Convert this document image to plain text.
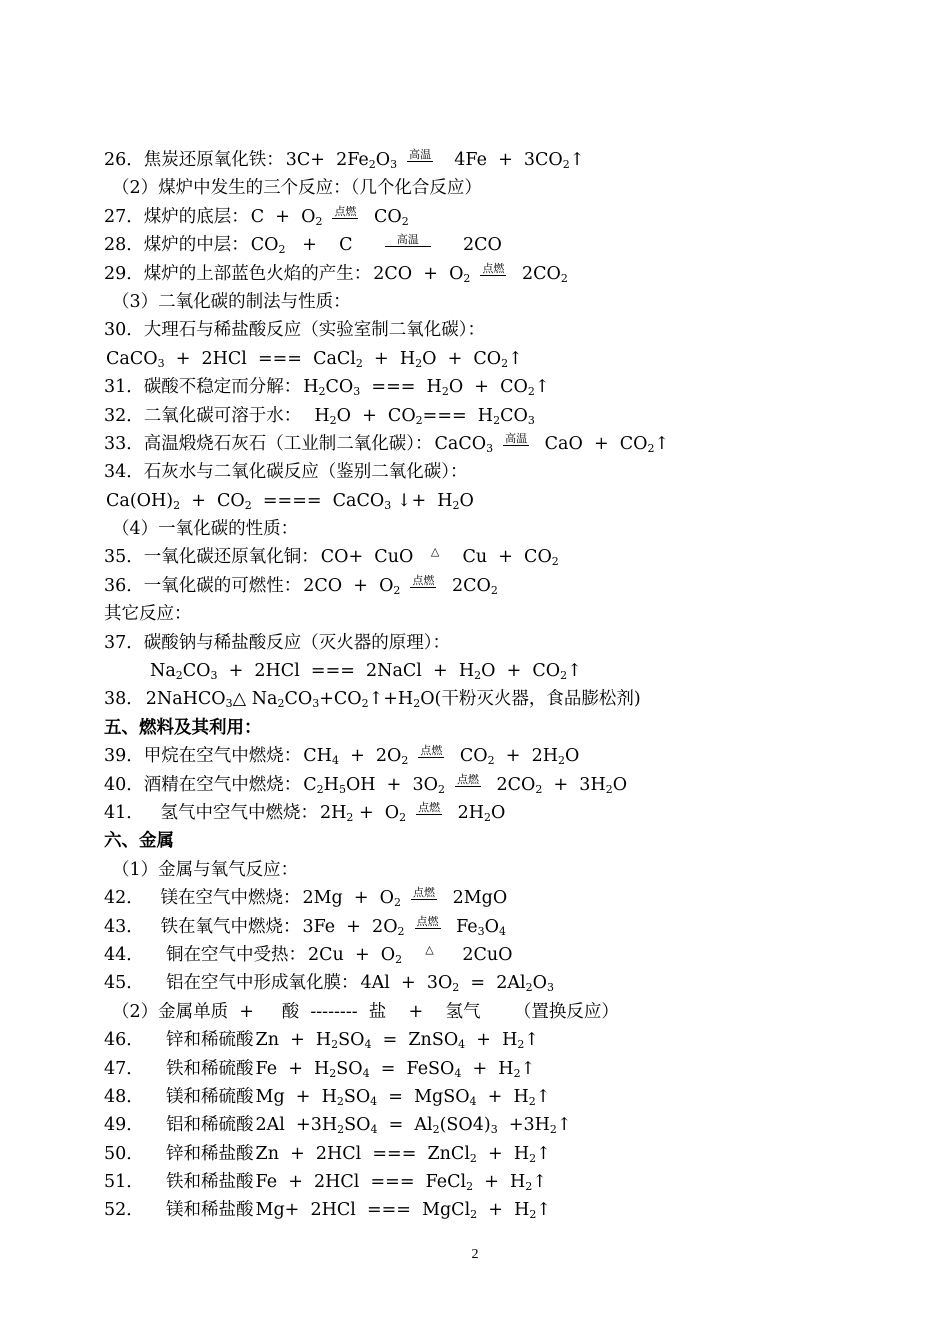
26．焦炭还原氧化铁： $3C+ 2Fe_2O_3$高温  $4Fe + 3CO_2↑$
（2）煤炉中发生的三个反应：（几个化合反应）
27．煤炉的底层： $C + O_2$点燃 $CO_2$
28．煤炉的中层： $CO_2$   +    C    高温    2CO
29．煤炉的上部蓝色火焰的产生： $2CO + O_2$点燃 $2CO_2$
（3）二氧化碳的制法与性质：
30．大理石与稀盐酸反应（实验室制二氧化碳）：
CaCO$_3$  +  2HCl  ===  CaCl$_2$  +  $H_2O$  +  $CO_2↑$
31．碳酸不稳定而分解： $H_2CO_3$  ===  $H_2O$  +  $CO_2↑$
32．二氧化碳可溶于水：  $H_2O + CO_2=== H_2CO_3$
33．高温煅烧石灰石（工业制二氧化碳）： CaCO$_3$高温 CaO  +  $CO_2↑$
34．石灰水与二氧化碳反应（鉴别二氧化碳）：
$Ca(OH)_2 + CO_2$  ====  CaCO$_3$ ↓+  $H_2O$
（4）一氧化碳的性质：
35．一氧化碳还原氧化铜： CO+  CuO △  $Cu + CO_2$
36．一氧化碳的可燃性： $2CO + O_2$点燃 $2CO_2$
其它反应：
37．碳酸钠与稀盐酸反应（灭火器的原理）：
$Na_2CO_3 + 2HCl$  ===  2NaCl  +  $H_2O$  +  $CO_2↑$
38． 2NaHCO$_3$△ $Na_2CO_3+CO_2↑+H_2O$(干粉灭火器，食品膨松剂)
五、燃料及其利用：
39．甲烷在空气中燃烧： $CH_4 + 2O_2$点燃 $CO_2 + 2H_2O$
40．酒精在空气中燃烧： $C_2H_5OH + 3O_2$点燃 $2CO_2 + 3H_2O$
41．   氢气中空气中燃烧： $2H_2 + O_2$点燃 $2H_2O$
六、金属
（1）金属与氧气反应：
42．   镁在空气中燃烧： $2Mg + O_2$点燃 2MgO
43．   铁在氧气中燃烧： $3Fe + 2O_2$点燃 $Fe_3O_4$
44．    铜在空气中受热： $2Cu + O_2$  △   2CuO
45．    铝在空气中形成氧化膜： $4Al + 3O_2 = 2Al_2O_3$
（2）金属单质  +     酸  --------  盐    +    氢气      （置换反应）
46．    锌和稀硫酸 $Zn + H_2SO_4$  =  ZnSO$_4$  +  $H_2↑$
47．    铁和稀硫酸 $Fe + H_2SO_4$  =  FeSO$_4$  +  $H_2↑$
48．    镁和稀硫酸 $Mg + H_2SO_4$  =  MgSO$_4$  +  $H_2↑$
49．    铝和稀硫酸 $2Al +3H_2SO_4 = Al_2(SO4)_3$  $+3H_2↑$
50．    锌和稀盐酸 Zn  +  2HCl  ===  ZnCl$_2$  +  $H_2↑$
51．    铁和稀盐酸 Fe  +  2HCl  ===  FeCl$_2$  +  $H_2↑$
52．    镁和稀盐酸 Mg+  2HCl  ===  MgCl$_2$  +  $H_2↑$
2
